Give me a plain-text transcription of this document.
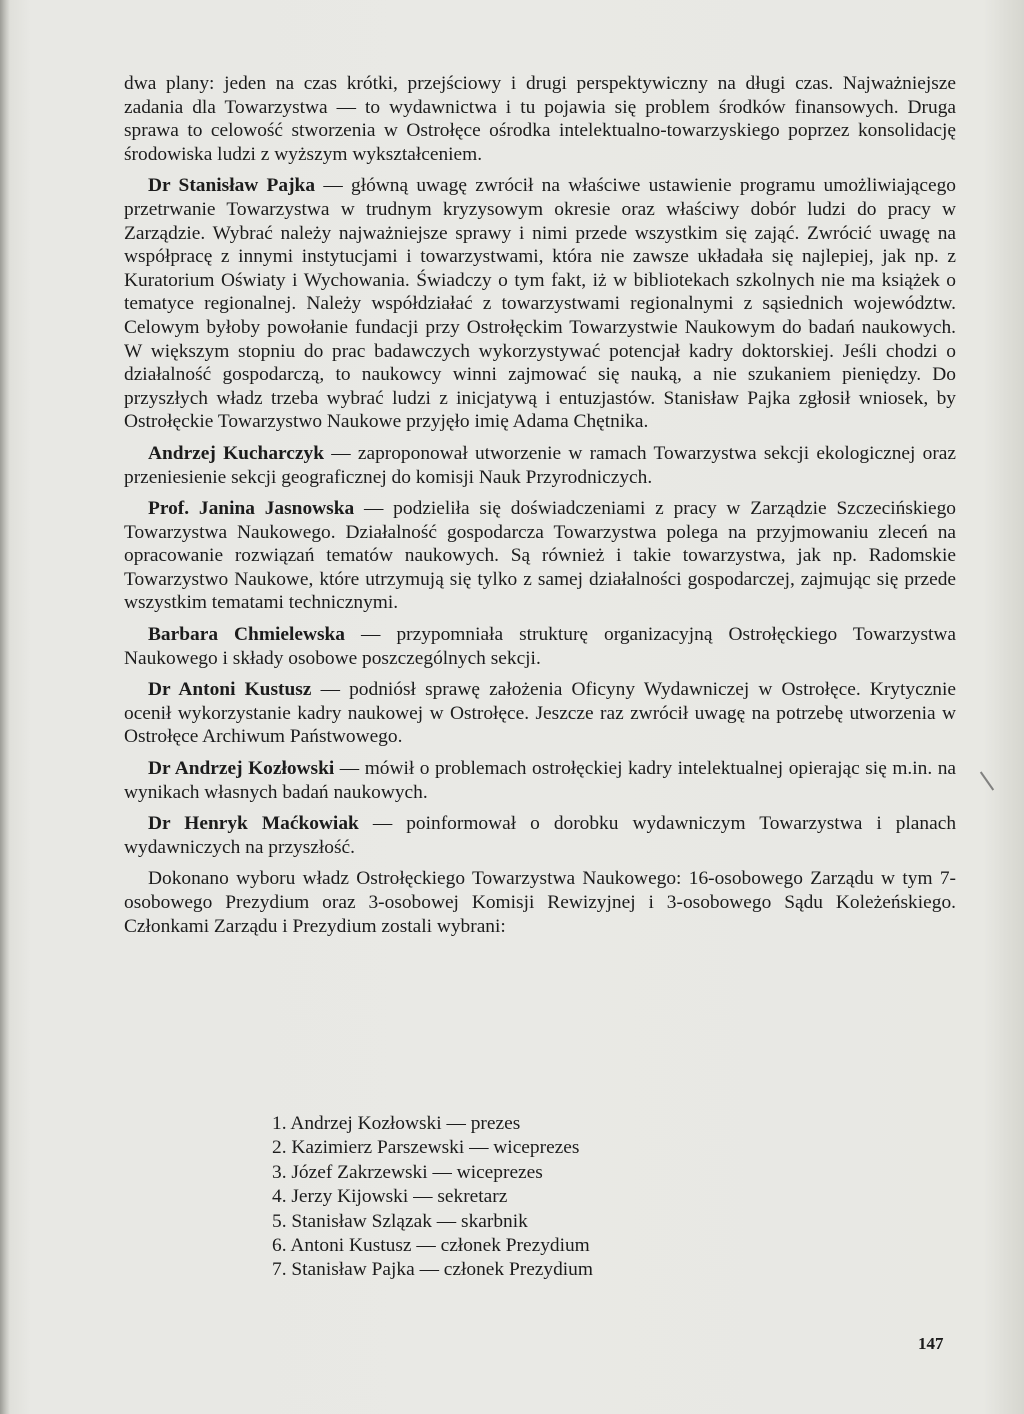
dwa plany: jeden na czas krótki, przejściowy i drugi perspektywiczny na długi czas. Najważniejsze zadania dla Towarzystwa — to wydawnictwa i tu pojawia się problem środków finansowych. Druga sprawa to celowość stworzenia w Ostrołęce ośrodka intelektualno-towarzyskiego poprzez konsolidację środowiska ludzi z wyższym wykształceniem.

Dr Stanisław Pajka — główną uwagę zwrócił na właściwe ustawienie programu umożliwiającego przetrwanie Towarzystwa w trudnym kryzysowym okresie oraz właściwy dobór ludzi do pracy w Zarządzie. Wybrać należy najważniejsze sprawy i nimi przede wszystkim się zająć. Zwrócić uwagę na współpracę z innymi instytucjami i towarzystwami, która nie zawsze układała się najlepiej, jak np. z Kuratorium Oświaty i Wychowania. Świadczy o tym fakt, iż w bibliotekach szkolnych nie ma książek o tematyce regionalnej. Należy współdziałać z towarzystwami regionalnymi z sąsiednich województw. Celowym byłoby powołanie fundacji przy Ostrołęckim Towarzystwie Naukowym do badań naukowych. W większym stopniu do prac badawczych wykorzystywać potencjał kadry doktorskiej. Jeśli chodzi o działalność gospodarczą, to naukowcy winni zajmować się nauką, a nie szukaniem pieniędzy. Do przyszłych władz trzeba wybrać ludzi z inicjatywą i entuzjastów. Stanisław Pajka zgłosił wniosek, by Ostrołęckie Towarzystwo Naukowe przyjęło imię Adama Chętnika.

Andrzej Kucharczyk — zaproponował utworzenie w ramach Towarzystwa sekcji ekologicznej oraz przeniesienie sekcji geograficznej do komisji Nauk Przyrodniczych.

Prof. Janina Jasnowska — podzieliła się doświadczeniami z pracy w Zarządzie Szczecińskiego Towarzystwa Naukowego. Działalność gospodarcza Towarzystwa polega na przyjmowaniu zleceń na opracowanie rozwiązań tematów naukowych. Są również i takie towarzystwa, jak np. Radomskie Towarzystwo Naukowe, które utrzymują się tylko z samej działalności gospodarczej, zajmując się przede wszystkim tematami technicznymi.

Barbara Chmielewska — przypomniała strukturę organizacyjną Ostrołęckiego Towarzystwa Naukowego i składy osobowe poszczególnych sekcji.

Dr Antoni Kustusz — podniósł sprawę założenia Oficyny Wydawniczej w Ostrołęce. Krytycznie ocenił wykorzystanie kadry naukowej w Ostrołęce. Jeszcze raz zwrócił uwagę na potrzebę utworzenia w Ostrołęce Archiwum Państwowego.

Dr Andrzej Kozłowski — mówił o problemach ostrołęckiej kadry intelektualnej opierając się m.in. na wynikach własnych badań naukowych.

Dr Henryk Maćkowiak — poinformował o dorobku wydawniczym Towarzystwa i planach wydawniczych na przyszłość.

Dokonano wyboru władz Ostrołęckiego Towarzystwa Naukowego: 16-osobowego Zarządu w tym 7-osobowego Prezydium oraz 3-osobowej Komisji Rewizyjnej i 3-osobowego Sądu Koleżeńskiego. Członkami Zarządu i Prezydium zostali wybrani:

1. Andrzej Kozłowski — prezes
2. Kazimierz Parszewski — wiceprezes
3. Józef Zakrzewski — wiceprezes
4. Jerzy Kijowski — sekretarz
5. Stanisław Szlązak — skarbnik
6. Antoni Kustusz — członek Prezydium
7. Stanisław Pajka — członek Prezydium
147
